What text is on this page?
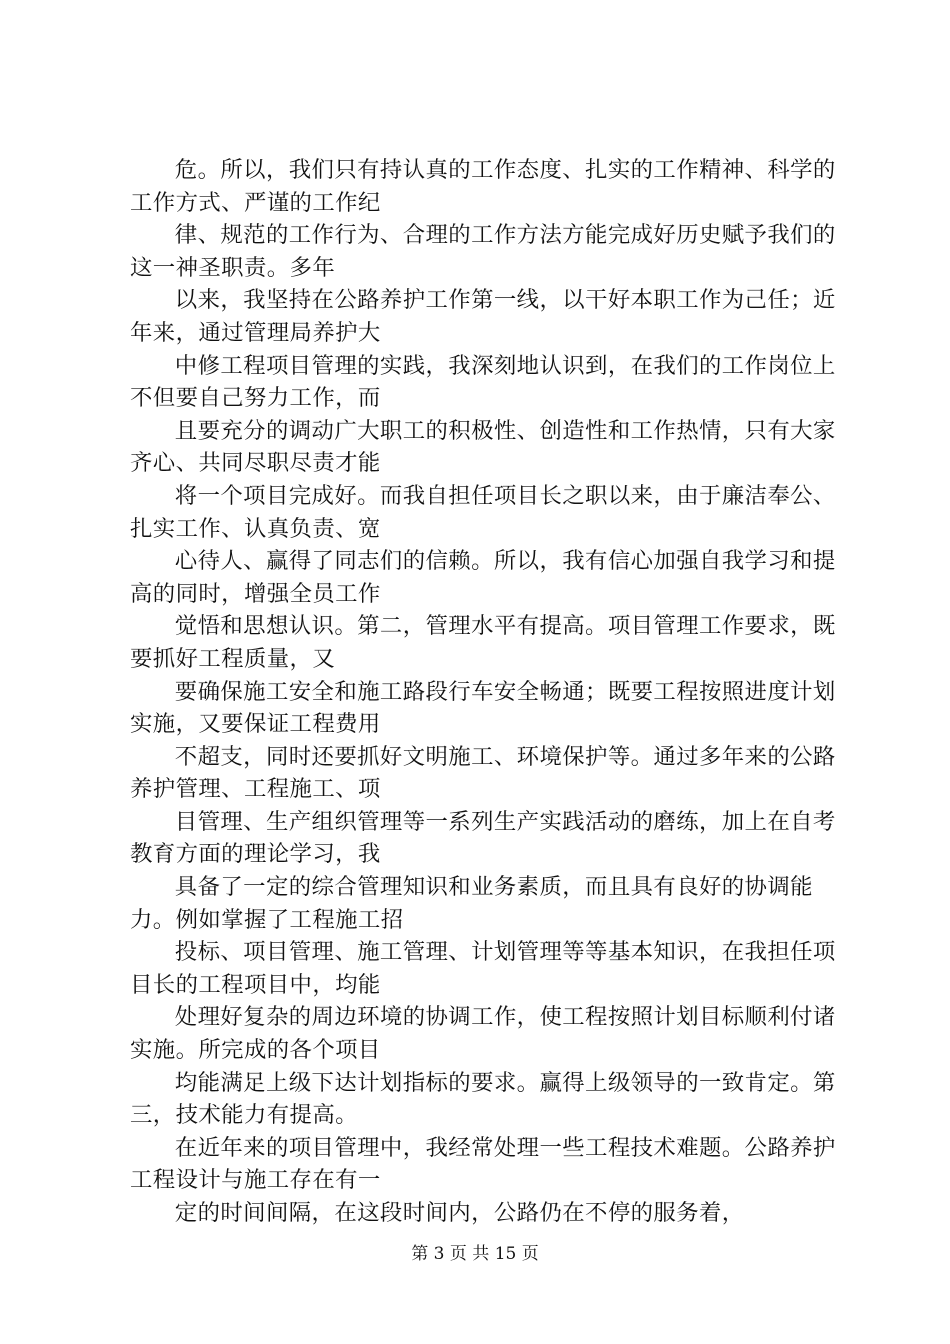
危。所以，我们只有持认真的工作态度、扎实的工作精神、科学的工作方式、严谨的工作纪

律、规范的工作行为、合理的工作方法方能完成好历史赋予我们的这一神圣职责。多年

以来，我坚持在公路养护工作第一线，以干好本职工作为己任；近年来，通过管理局养护大

中修工程项目管理的实践，我深刻地认识到，在我们的工作岗位上不但要自己努力工作，而

且要充分的调动广大职工的积极性、创造性和工作热情，只有大家齐心、共同尽职尽责才能

将一个项目完成好。而我自担任项目长之职以来，由于廉洁奉公、扎实工作、认真负责、宽

心待人、赢得了同志们的信赖。所以，我有信心加强自我学习和提高的同时，增强全员工作

觉悟和思想认识。第二，管理水平有提高。项目管理工作要求，既要抓好工程质量，又

要确保施工安全和施工路段行车安全畅通；既要工程按照进度计划实施，又要保证工程费用

不超支，同时还要抓好文明施工、环境保护等。通过多年来的公路养护管理、工程施工、项

目管理、生产组织管理等一系列生产实践活动的磨练，加上在自考教育方面的理论学习，我

具备了一定的综合管理知识和业务素质，而且具有良好的协调能力。例如掌握了工程施工招

投标、项目管理、施工管理、计划管理等等基本知识，在我担任项目长的工程项目中，均能

处理好复杂的周边环境的协调工作，使工程按照计划目标顺利付诸实施。所完成的各个项目

均能满足上级下达计划指标的要求。赢得上级领导的一致肯定。第三，技术能力有提高。

在近年来的项目管理中，我经常处理一些工程技术难题。公路养护工程设计与施工存在有一

定的时间间隔，在这段时间内，公路仍在不停的服务着，

第 3 页 共 15 页
